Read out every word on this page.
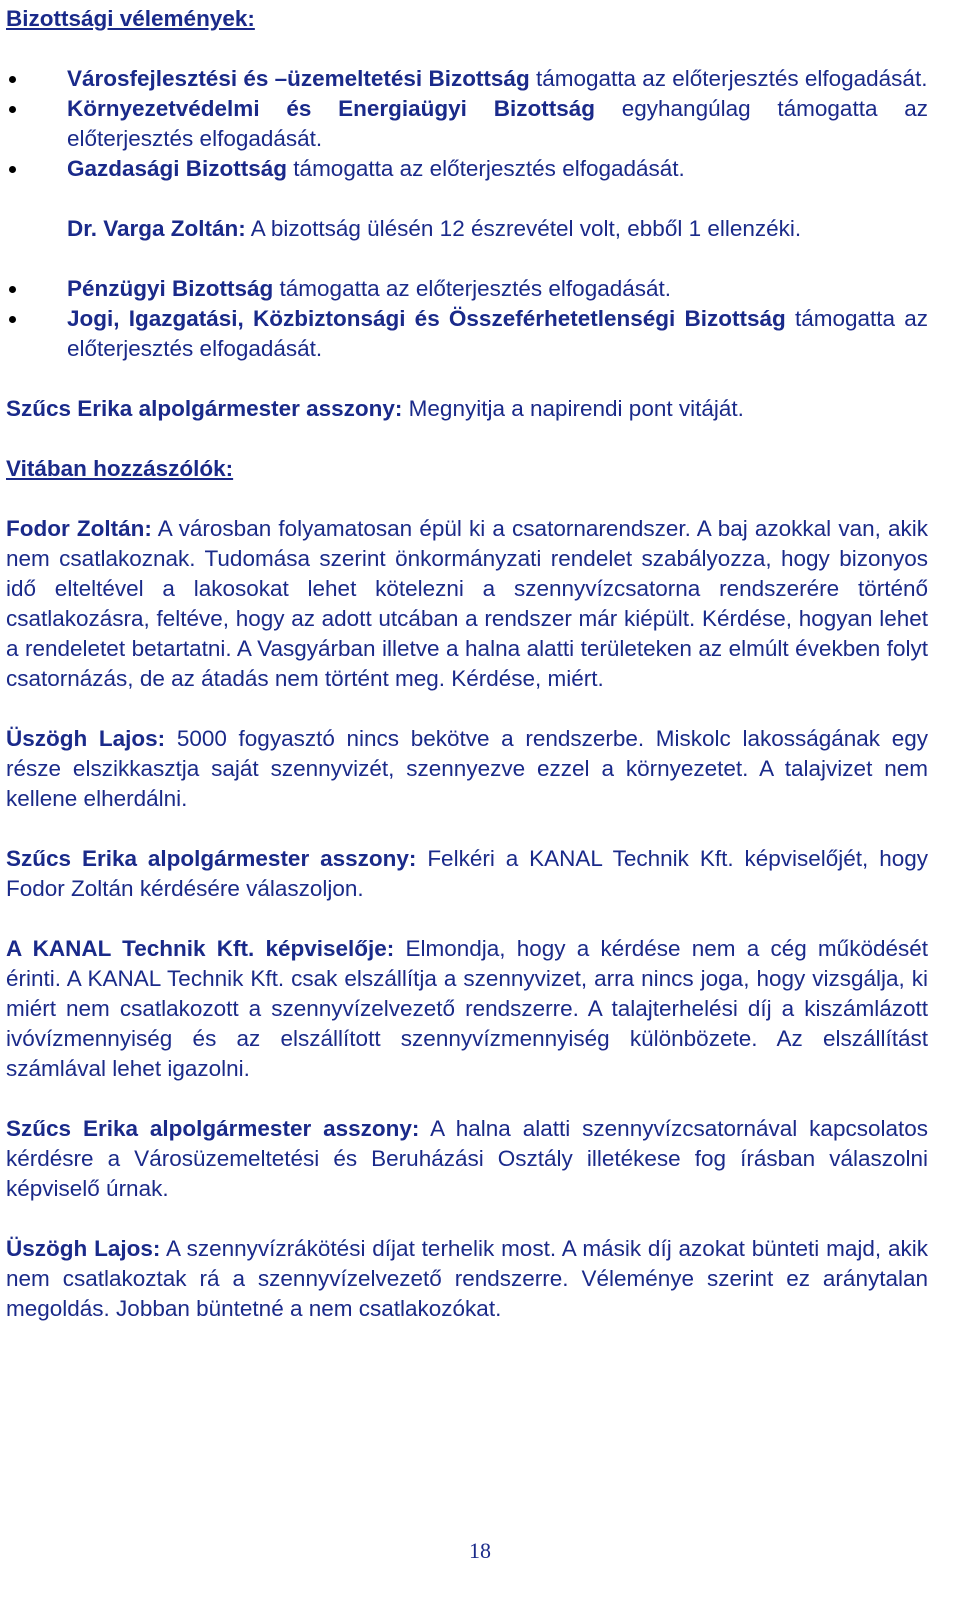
Bizottsági vélemények:
Városfejlesztési és –üzemeltetési Bizottság támogatta az előterjesztés elfogadását.
Környezetvédelmi és Energiaügyi Bizottság egyhangúlag támogatta az előterjesztés elfogadását.
Gazdasági Bizottság támogatta az előterjesztés elfogadását.

Dr. Varga Zoltán: A bizottság ülésén 12 észrevétel volt, ebből 1 ellenzéki.

Pénzügyi Bizottság támogatta az előterjesztés elfogadását.
Jogi, Igazgatási, Közbiztonsági és Összeférhetetlenségi Bizottság támogatta az előterjesztés elfogadását.

Szűcs Erika alpolgármester asszony: Megnyitja a napirendi pont vitáját.

Vitában hozzászólók:

Fodor Zoltán: A városban folyamatosan épül ki a csatornarendszer. A baj azokkal van, akik nem csatlakoznak. Tudomása szerint önkormányzati rendelet szabályozza, hogy bizonyos idő elteltével a lakosokat lehet kötelezni a szennyvízcsatorna rendszerére történő csatlakozásra, feltéve, hogy az adott utcában a rendszer már kiépült. Kérdése, hogyan lehet a rendeletet betartatni. A Vasgyárban illetve a halna alatti területeken az elmúlt években folyt csatornázás, de az átadás nem történt meg. Kérdése, miért.

Üszögh Lajos: 5000 fogyasztó nincs bekötve a rendszerbe. Miskolc lakosságának egy része elszikkasztja saját szennyvizét, szennyezve ezzel a környezetet. A talajvizet nem kellene elherdálni.

Szűcs Erika alpolgármester asszony: Felkéri a KANAL Technik Kft. képviselőjét, hogy Fodor Zoltán kérdésére válaszoljon.

A KANAL Technik Kft. képviselője: Elmondja, hogy a kérdése nem a cég működését érinti. A KANAL Technik Kft. csak elszállítja a szennyvizet, arra nincs joga, hogy vizsgálja, ki miért nem csatlakozott a szennyvízelvezető rendszerre. A talajterhelési díj a kiszámlázott ivóvízmennyiség és az elszállított szennyvízmennyiség különbözete. Az elszállítást számlával lehet igazolni.

Szűcs Erika alpolgármester asszony: A halna alatti szennyvízcsatornával kapcsolatos kérdésre a Városüzemeltetési és Beruházási Osztály illetékese fog írásban válaszolni képviselő úrnak.

Üszögh Lajos: A szennyvízrákötési díjat terhelik most. A másik díj azokat bünteti majd, akik nem csatlakoztak rá a szennyvízelvezető rendszerre. Véleménye szerint ez aránytalan megoldás. Jobban büntetné a nem csatlakozókat.

18
